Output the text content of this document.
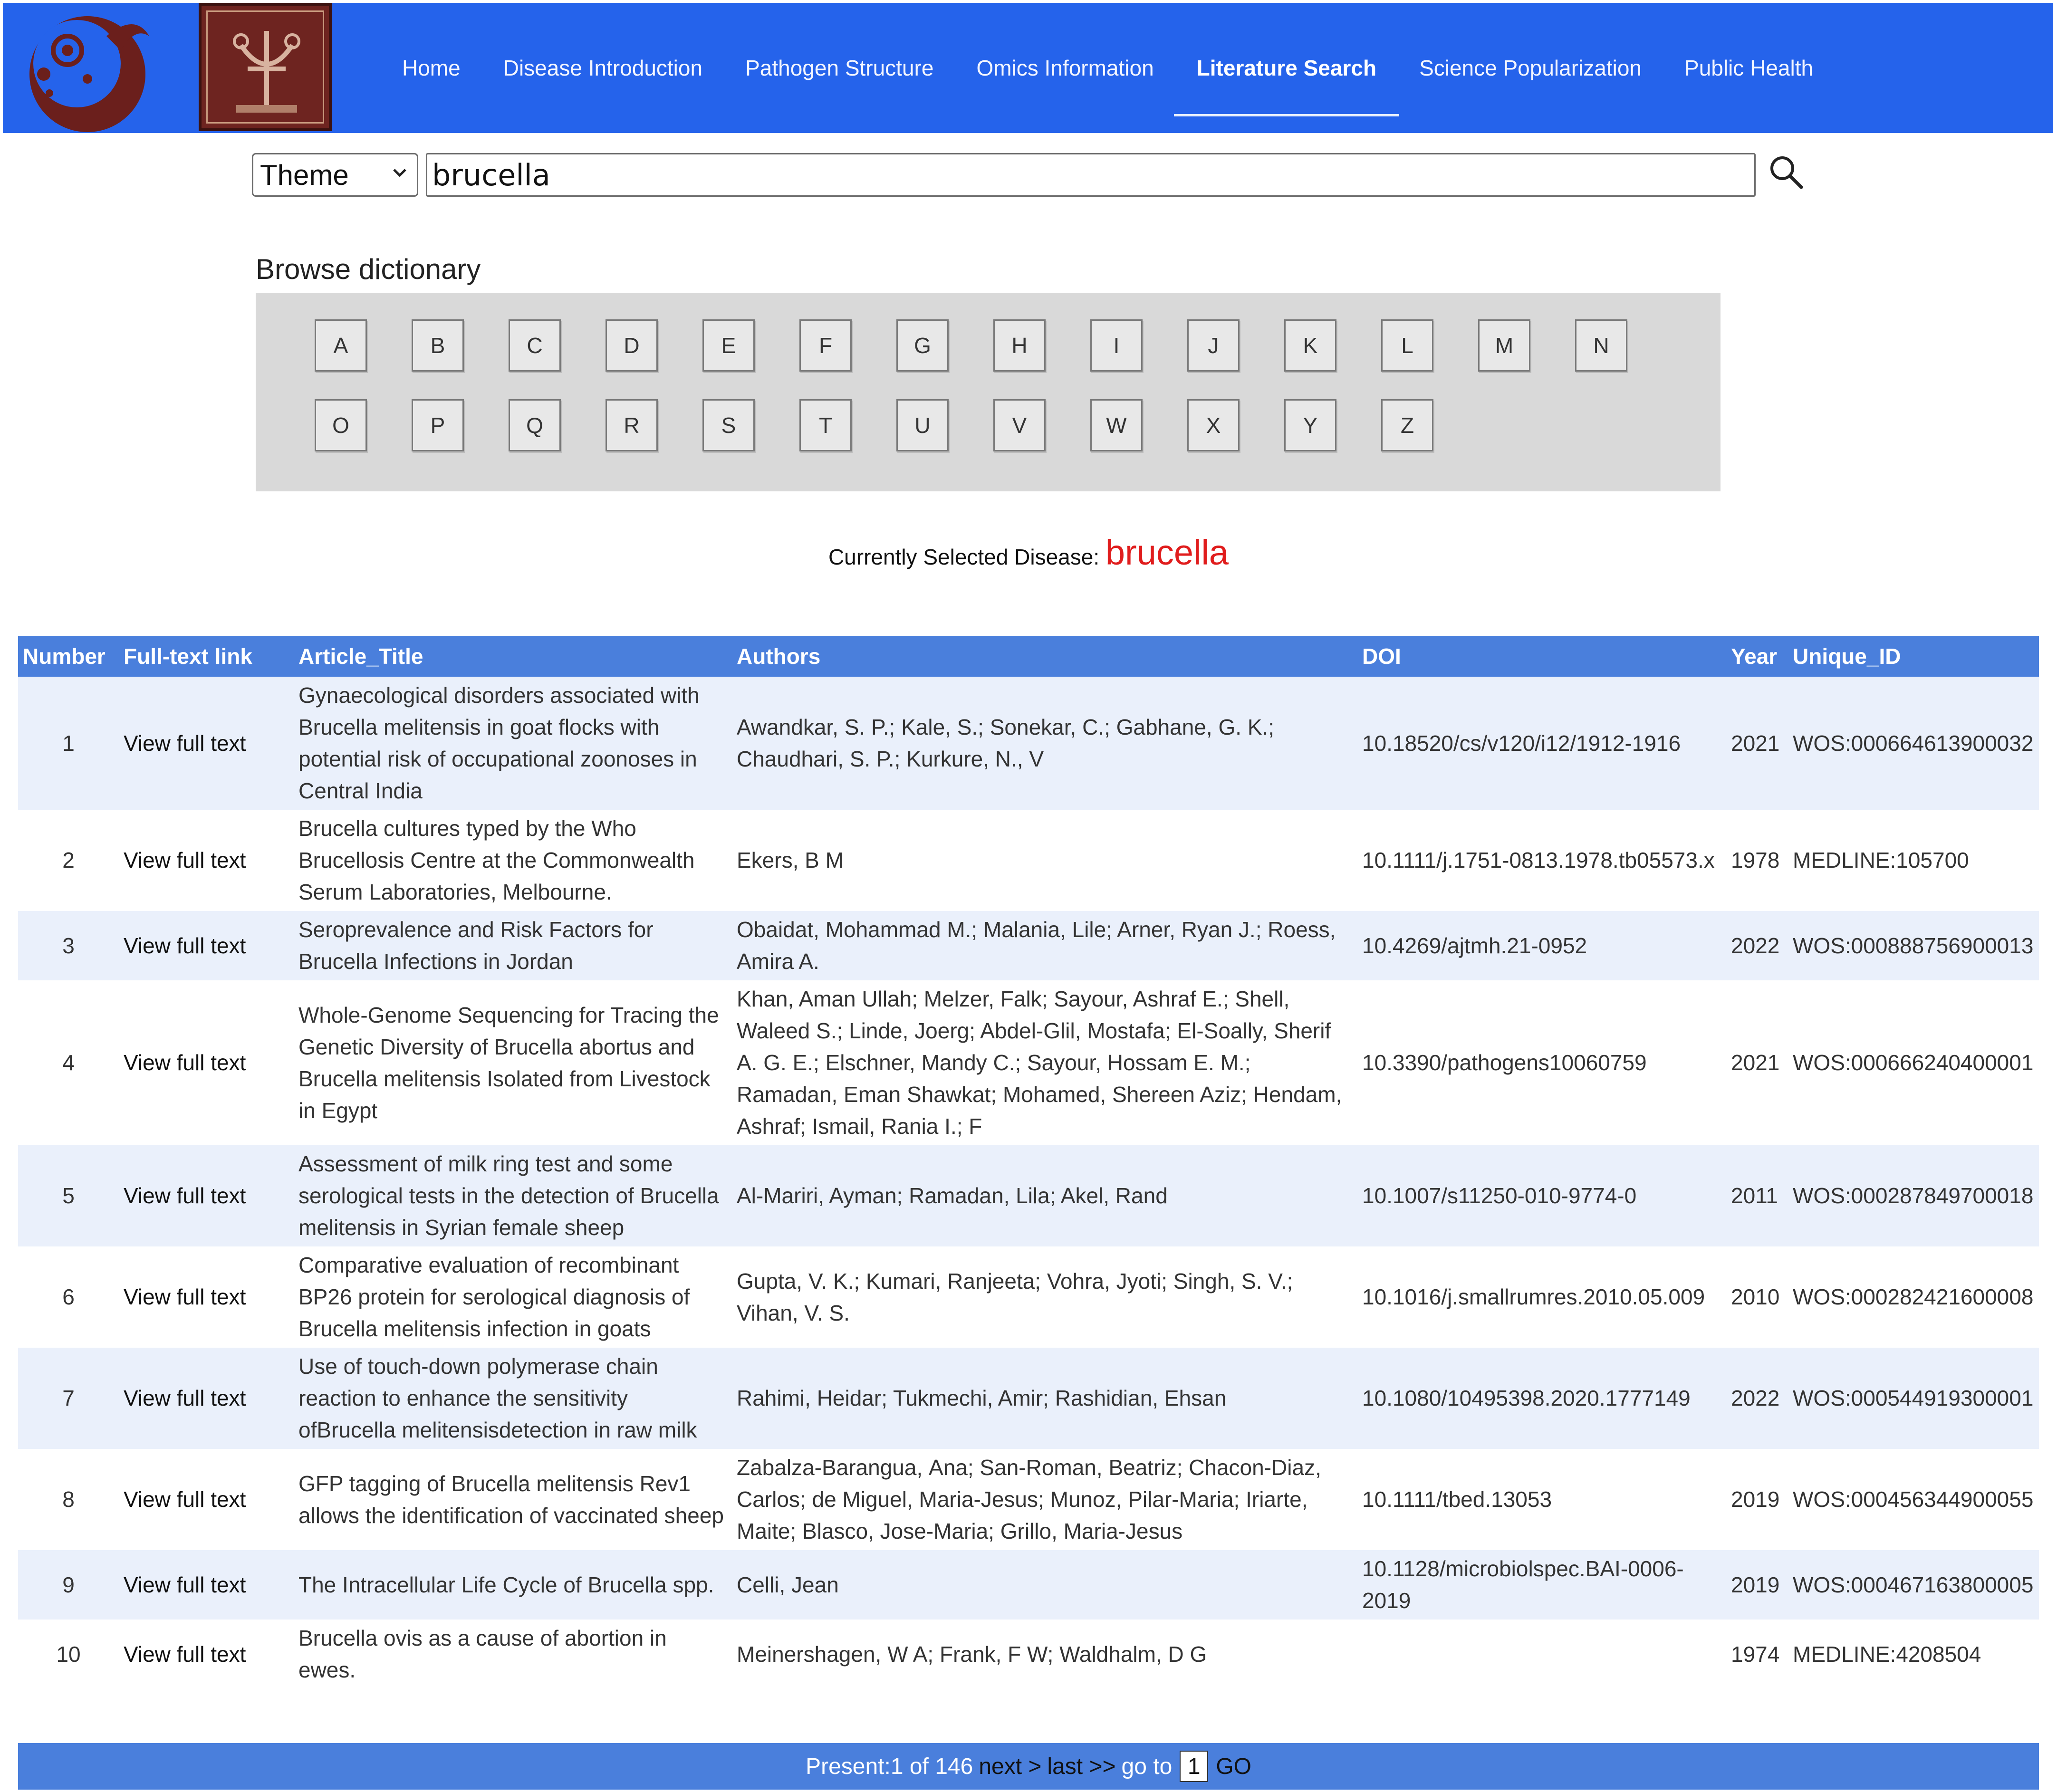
Home Disease Introduction Pathogen Structure Omics Information Literature Search Science Popularization Public Health
Theme	brucella
Browse dictionary
A	B	C	D	E	F	G	H	I	J	K	L	M	N
O	P	Q	R	S	T	U	V	W	X	Y	Z
Currently Selected Disease: brucella
Number	Full-text link	Article_Title	Authors	DOI	Year	Unique_ID
1	View full text	Gynaecological disorders associated with Brucella melitensis in goat flocks with potential risk of occupational zoonoses in Central India	Awandkar, S. P.; Kale, S.; Sonekar, C.; Gabhane, G. K.; Chaudhari, S. P.; Kurkure, N., V	10.18520/cs/v120/i12/1912-1916	2021	WOS:000664613900032
2	View full text	Brucella cultures typed by the Who Brucellosis Centre at the Commonwealth Serum Laboratories, Melbourne.	Ekers, B M	10.1111/j.1751-0813.1978.tb05573.x	1978	MEDLINE:105700
3	View full text	Seroprevalence and Risk Factors for Brucella Infections in Jordan	Obaidat, Mohammad M.; Malania, Lile; Arner, Ryan J.; Roess, Amira A.	10.4269/ajtmh.21-0952	2022	WOS:000888756900013
4	View full text	Whole-Genome Sequencing for Tracing the Genetic Diversity of Brucella abortus and Brucella melitensis Isolated from Livestock in Egypt	Khan, Aman Ullah; Melzer, Falk; Sayour, Ashraf E.; Shell, Waleed S.; Linde, Joerg; Abdel-Glil, Mostafa; El-Soally, Sherif A. G. E.; Elschner, Mandy C.; Sayour, Hossam E. M.; Ramadan, Eman Shawkat; Mohamed, Shereen Aziz; Hendam, Ashraf; Ismail, Rania I.; F	10.3390/pathogens10060759	2021	WOS:000666240400001
5	View full text	Assessment of milk ring test and some serological tests in the detection of Brucella melitensis in Syrian female sheep	Al-Mariri, Ayman; Ramadan, Lila; Akel, Rand	10.1007/s11250-010-9774-0	2011	WOS:000287849700018
6	View full text	Comparative evaluation of recombinant BP26 protein for serological diagnosis of Brucella melitensis infection in goats	Gupta, V. K.; Kumari, Ranjeeta; Vohra, Jyoti; Singh, S. V.; Vihan, V. S.	10.1016/j.smallrumres.2010.05.009	2010	WOS:000282421600008
7	View full text	Use of touch-down polymerase chain reaction to enhance the sensitivity ofBrucella melitensisdetection in raw milk	Rahimi, Heidar; Tukmechi, Amir; Rashidian, Ehsan	10.1080/10495398.2020.1777149	2022	WOS:000544919300001
8	View full text	GFP tagging of Brucella melitensis Rev1 allows the identification of vaccinated sheep	Zabalza-Baranguа, Ana; San-Roman, Beatriz; Chacon-Diaz, Carlos; de Miguel, Maria-Jesus; Munoz, Pilar-Maria; Iriarte, Maite; Blasco, Jose-Maria; Grillo, Maria-Jesus	10.1111/tbed.13053	2019	WOS:000456344900055
9	View full text	The Intracellular Life Cycle of Brucella spp.	Celli, Jean	10.1128/microbiolspec.BAI-0006-2019	2019	WOS:000467163800005
10	View full text	Brucella ovis as a cause of abortion in ewes.	Meinershagen, W A; Frank, F W; Waldhalm, D G		1974	MEDLINE:4208504
Present:1 of 146 next > last >> go to 1 GO
